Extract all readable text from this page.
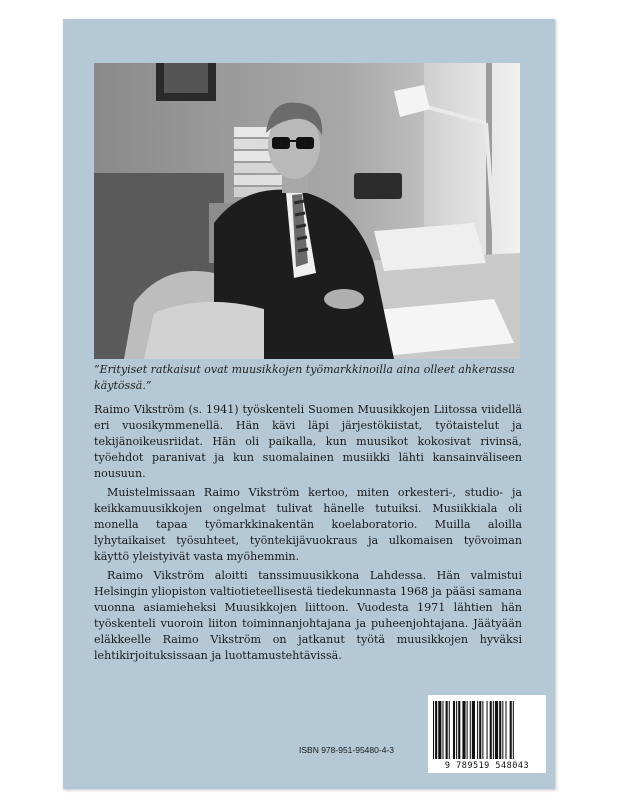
”Erityiset ratkaisut ovat muusikkojen työmarkkinoilla aina olleet ahkerassa käytössä.”

Raimo Vikström (s. 1941) työskenteli Suomen Muusikkojen Liitossa viidellä eri vuosikymmenellä. Hän kävi läpi järjestökiistat, työtaistelut ja tekijänoikeusriidat. Hän oli paikalla, kun muusikot kokosivat rivinsä, työehdot paranivat ja kun suomalainen musiikki lähti kansainväliseen nousuun.

Muistelmissaan Raimo Vikström kertoo, miten orkesteri-, studio- ja keikkamuusikkojen ongelmat tulivat hänelle tutuiksi. Musiikkiala oli monella tapaa työmarkkinakentän koelaboratorio. Muilla aloilla lyhytaikaiset työsuhteet, työntekijävuokraus ja ulkomaisen työvoiman käyttö yleistyivät vasta myöhemmin.

Raimo Vikström aloitti tanssimuusikkona Lahdessa. Hän valmistui Helsingin yliopiston valtiotieteellisestä tiedekunnasta 1968 ja pääsi samana vuonna asiamieheksi Muusikkojen liittoon. Vuodesta 1971 lähtien hän työskenteli vuoroin liiton toiminnanjohtajana ja puheenjohtajana. Jäätyään eläkkeelle Raimo Vikström on jatkanut työtä muusikkojen hyväksi lehtikirjoituksissaan ja luottamustehtävissä.

ISBN 978-951-95480-4-3
9 789519 548043
